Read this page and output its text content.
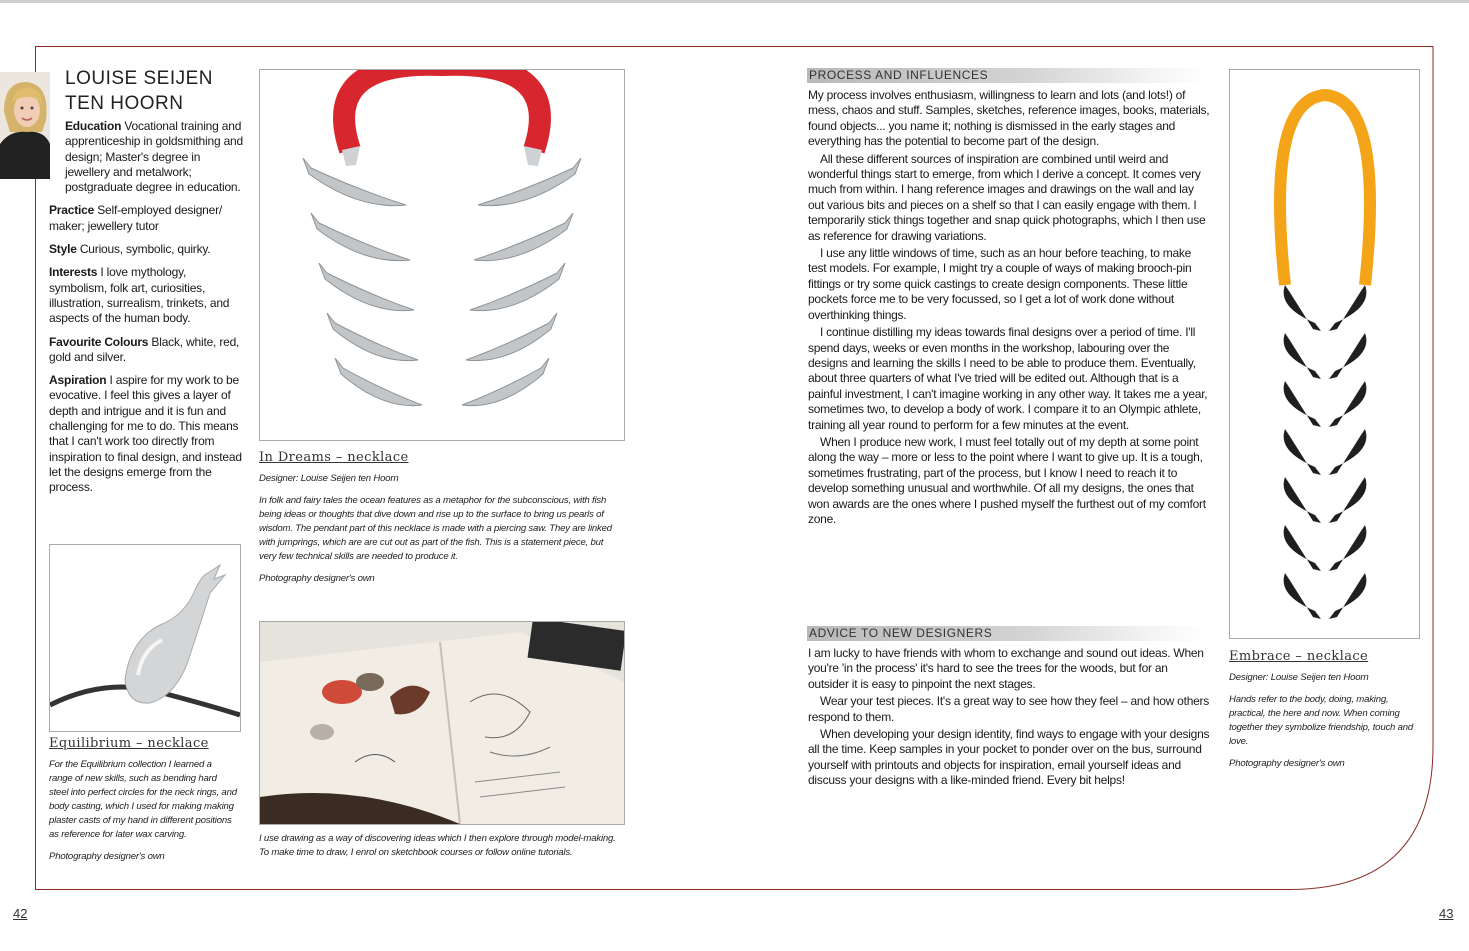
LOUISE SEIJEN
TEN HOORN

Education Vocational training and apprenticeship in goldsmithing and design; Master's degree in jewellery and metalwork; postgraduate degree in education.

Practice Self-employed designer/ maker; jewellery tutor

Style Curious, symbolic, quirky.

Interests I love mythology, symbolism, folk art, curiosities, illustration, surrealism, trinkets, and aspects of the human body.

Favourite Colours Black, white, red, gold and silver.

Aspiration I aspire for my work to be evocative. I feel this gives a layer of depth and intrigue and it is fun and challenging for me to do. This means that I can't work too directly from inspiration to final design, and instead let the designs emerge from the process.

Equilibrium – necklace

For the Equilibrium collection I learned a range of new skills, such as bending hard steel into perfect circles for the neck rings, and body casting, which I used for making making plaster casts of my hand in different positions as reference for later wax carving.

Photography designer's own

In Dreams – necklace

Designer: Louise Seijen ten Hoorn

In folk and fairy tales the ocean features as a metaphor for the subconscious, with fish being ideas or thoughts that dive down and rise up to the surface to bring us pearls of wisdom. The pendant part of this necklace is made with a piercing saw. They are linked with jumprings, which are are cut out as part of the fish. This is a statement piece, but very few technical skills are needed to produce it.

Photography designer's own

I use drawing as a way of discovering ideas which I then explore through model-making. To make time to draw, I enrol on sketchbook courses or follow online tutorials.
PROCESS AND INFLUENCES

My process involves enthusiasm, willingness to learn and lots (and lots!) of mess, chaos and stuff. Samples, sketches, reference images, books, materials, found objects... you name it; nothing is dismissed in the early stages and everything has the potential to become part of the design.

All these different sources of inspiration are combined until weird and wonderful things start to emerge, from which I derive a concept. It comes very much from within. I hang reference images and drawings on the wall and lay out various bits and pieces on a shelf so that I can easily engage with them. I temporarily stick things together and snap quick photographs, which I then use as reference for drawing variations.

I use any little windows of time, such as an hour before teaching, to make test models. For example, I might try a couple of ways of making brooch-pin fittings or try some quick castings to create design components. These little pockets force me to be very focussed, so I get a lot of work done without overthinking things.

I continue distilling my ideas towards final designs over a period of time. I'll spend days, weeks or even months in the workshop, labouring over the designs and learning the skills I need to be able to produce them. Eventually, about three quarters of what I've tried will be edited out. Although that is a painful investment, I can't imagine working in any other way. It takes me a year, sometimes two, to develop a body of work. I compare it to an Olympic athlete, training all year round to perform for a few minutes at the event.

When I produce new work, I must feel totally out of my depth at some point along the way – more or less to the point where I want to give up. It is a tough, sometimes frustrating, part of the process, but I know I need to reach it to develop something unusual and worthwhile. Of all my designs, the ones that won awards are the ones where I pushed myself the furthest out of my comfort zone.

ADVICE TO NEW DESIGNERS

I am lucky to have friends with whom to exchange and sound out ideas. When you're 'in the process' it's hard to see the trees for the woods, but for an outsider it is easy to pinpoint the next stages.

Wear your test pieces. It's a great way to see how they feel – and how others respond to them.

When developing your design identity, find ways to engage with your designs all the time. Keep samples in your pocket to ponder over on the bus, surround yourself with printouts and objects for inspiration, email yourself ideas and discuss your designs with a like-minded friend. Every bit helps!

Embrace – necklace

Designer: Louise Seijen ten Hoorn

Hands refer to the body, doing, making, practical, the here and now. When coming together they symbolize friendship, touch and love.

Photography designer's own

42	43
